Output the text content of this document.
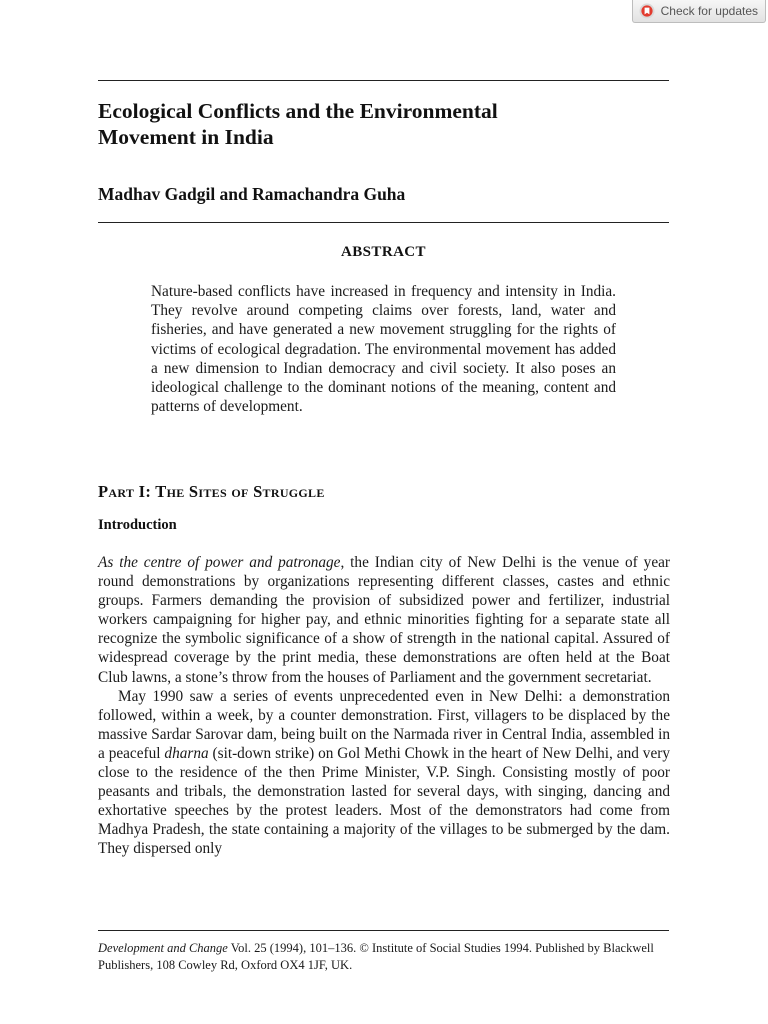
Check for updates
Ecological Conflicts and the Environmental
Movement in India

Madhav Gadgil and Ramachandra Guha

ABSTRACT

Nature-based conflicts have increased in frequency and intensity in India. They revolve around competing claims over forests, land, water and fisheries, and have generated a new movement struggling for the rights of victims of ecological degradation. The environmental movement has added a new dimension to Indian democracy and civil society. It also poses an ideological challenge to the dominant notions of the meaning, content and patterns of development.

Part I: The Sites of Struggle
Introduction

As the centre of power and patronage, the Indian city of New Delhi is the venue of year round demonstrations by organizations representing different classes, castes and ethnic groups. Farmers demanding the provision of subsidized power and fertilizer, industrial workers campaigning for higher pay, and ethnic minorities fighting for a separate state all recognize the symbolic significance of a show of strength in the national capital. Assured of widespread coverage by the print media, these demonstrations are often held at the Boat Club lawns, a stone’s throw from the houses of Parliament and the government secretariat.

May 1990 saw a series of events unprecedented even in New Delhi: a demonstration followed, within a week, by a counter demonstration. First, villagers to be displaced by the massive Sardar Sarovar dam, being built on the Narmada river in Central India, assembled in a peaceful dharna (sit-down strike) on Gol Methi Chowk in the heart of New Delhi, and very close to the residence of the then Prime Minister, V.P. Singh. Consisting mostly of poor peasants and tribals, the demonstration lasted for several days, with singing, dancing and exhortative speeches by the protest leaders. Most of the demonstrators had come from Madhya Pradesh, the state containing a majority of the villages to be submerged by the dam. They dispersed only

Development and Change Vol. 25 (1994), 101–136. © Institute of Social Studies 1994. Published by Blackwell Publishers, 108 Cowley Rd, Oxford OX4 1JF, UK.
